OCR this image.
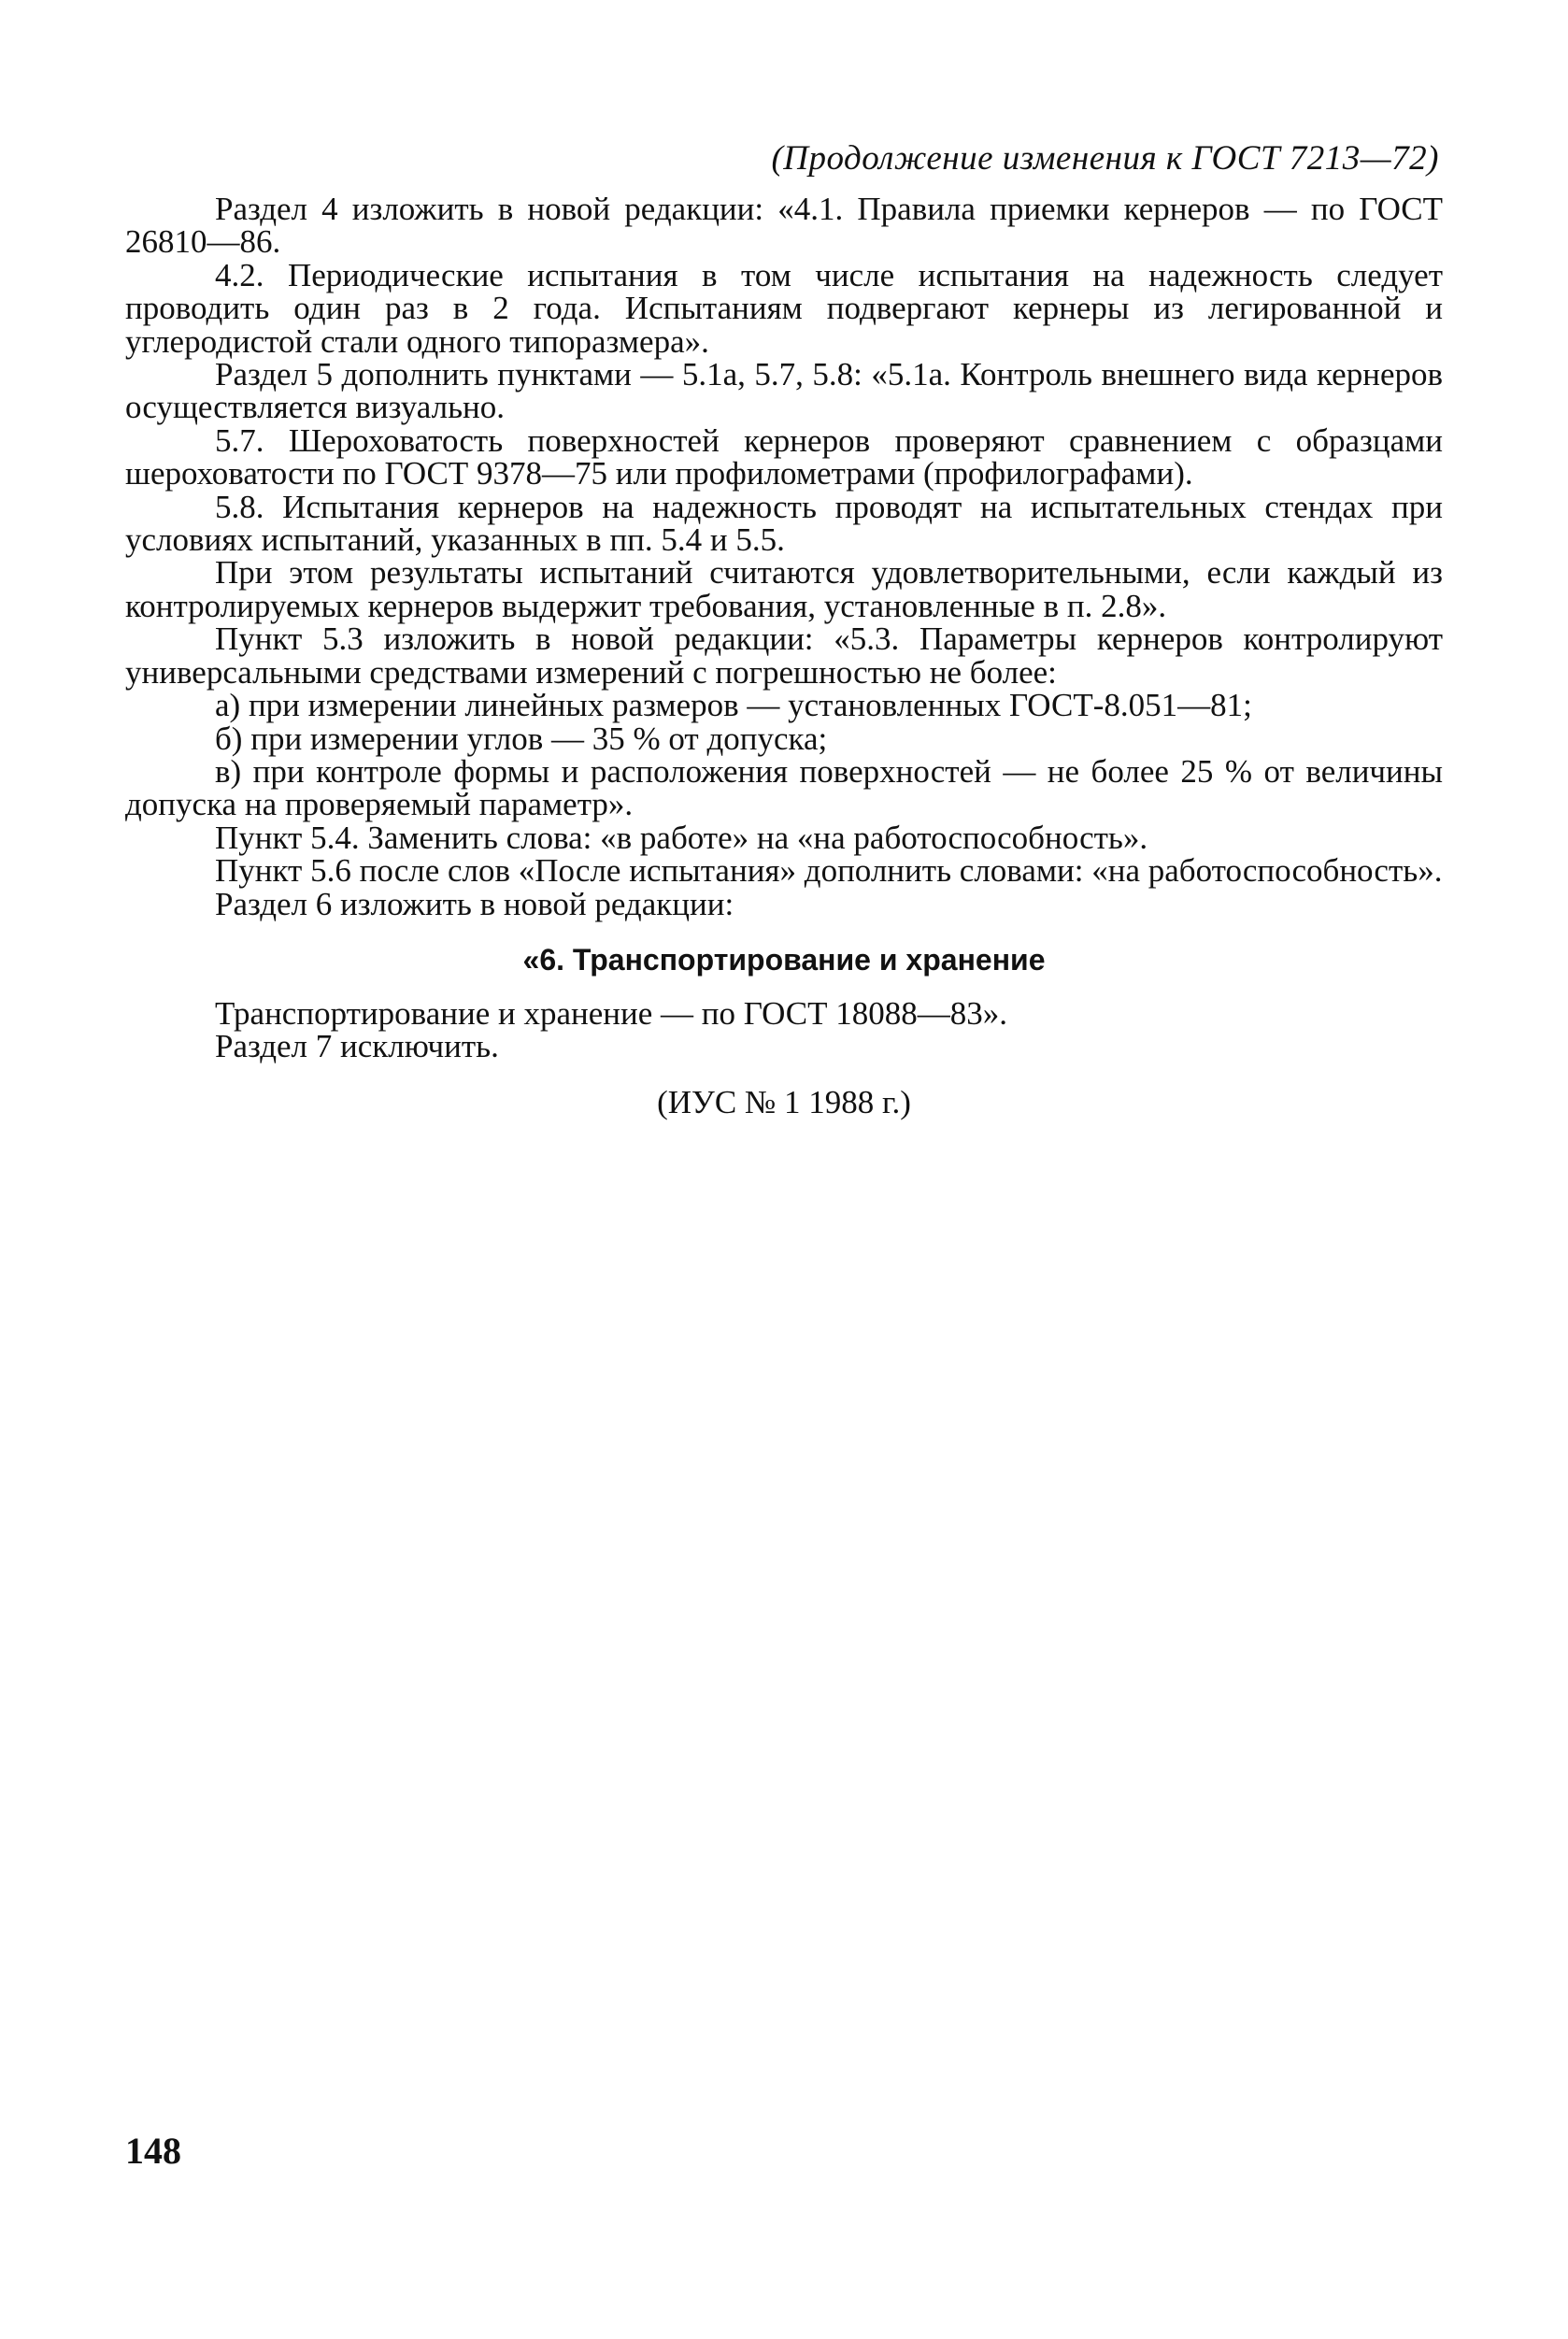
(Продолжение изменения к ГОСТ 7213—72)

Раздел 4 изложить в новой редакции: «4.1. Правила приемки кернеров — по ГОСТ 26810—86.

4.2. Периодические испытания в том числе испытания на надежность следует проводить один раз в 2 года. Испытаниям подвергают кернеры из легированной и углеродистой стали одного типоразмера».

Раздел 5 дополнить пунктами — 5.1а, 5.7, 5.8: «5.1а. Контроль внешнего вида кернеров осуществляется визуально.

5.7. Шероховатость поверхностей кернеров проверяют сравнением с образцами шероховатости по ГОСТ 9378—75 или профилометрами (профилографами).

5.8. Испытания кернеров на надежность проводят на испытательных стендах при условиях испытаний, указанных в пп. 5.4 и 5.5.

При этом результаты испытаний считаются удовлетворительными, если каждый из контролируемых кернеров выдержит требования, установленные в п. 2.8».

Пункт 5.3 изложить в новой редакции: «5.3. Параметры кернеров контролируют универсальными средствами измерений с погрешностью не более:

а) при измерении линейных размеров — установленных ГОСТ-8.051—81;

б) при измерении углов — 35 % от допуска;

в) при контроле формы и расположения поверхностей — не более 25 % от величины допуска на проверяемый параметр».

Пункт 5.4. Заменить слова: «в работе» на «на работоспособность».

Пункт 5.6 после слов «После испытания» дополнить словами: «на работоспособность».

Раздел 6 изложить в новой редакции:

«6. Транспортирование и хранение

Транспортирование и хранение — по ГОСТ 18088—83».

Раздел 7 исключить.

(ИУС № 1 1988 г.)

148
